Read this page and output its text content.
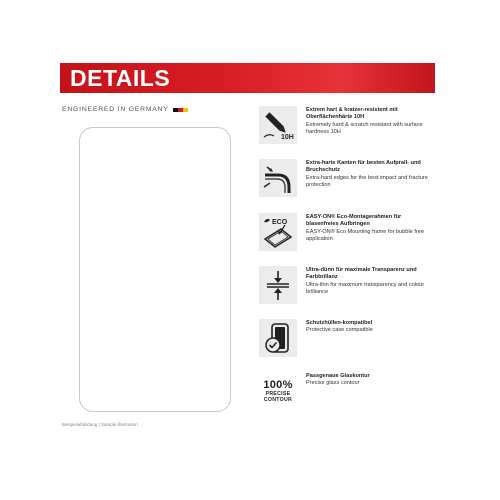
DETAILS
ENGINEERED IN GERMANY
Beispielabbildung | Sample illustration
10H
Extrem hart & kratzer-resistent mit Oberflächenhärte 10H
Extremely hard & scratch resistant with surface hardness 10H
Extra-harte Kanten für besten Aufprall- und Bruchschutz
Extra-hard edges for the best impact and fracture protection
ECO
EASY-ON® Eco-Montagerahmen für blasenfreies Aufbringen
EASY-ON® Eco Mounting frame for bubble free application
Ultra-dünn für maximale Transparenz und Farbbrillanz
Ultra-thin for maximum transparency and colour brilliance
Schutzhüllen-kompatibel
Protective case compatible
100%
PRECISE
CONTOUR
Passgenaue Glaskontur
Precise glass contour
